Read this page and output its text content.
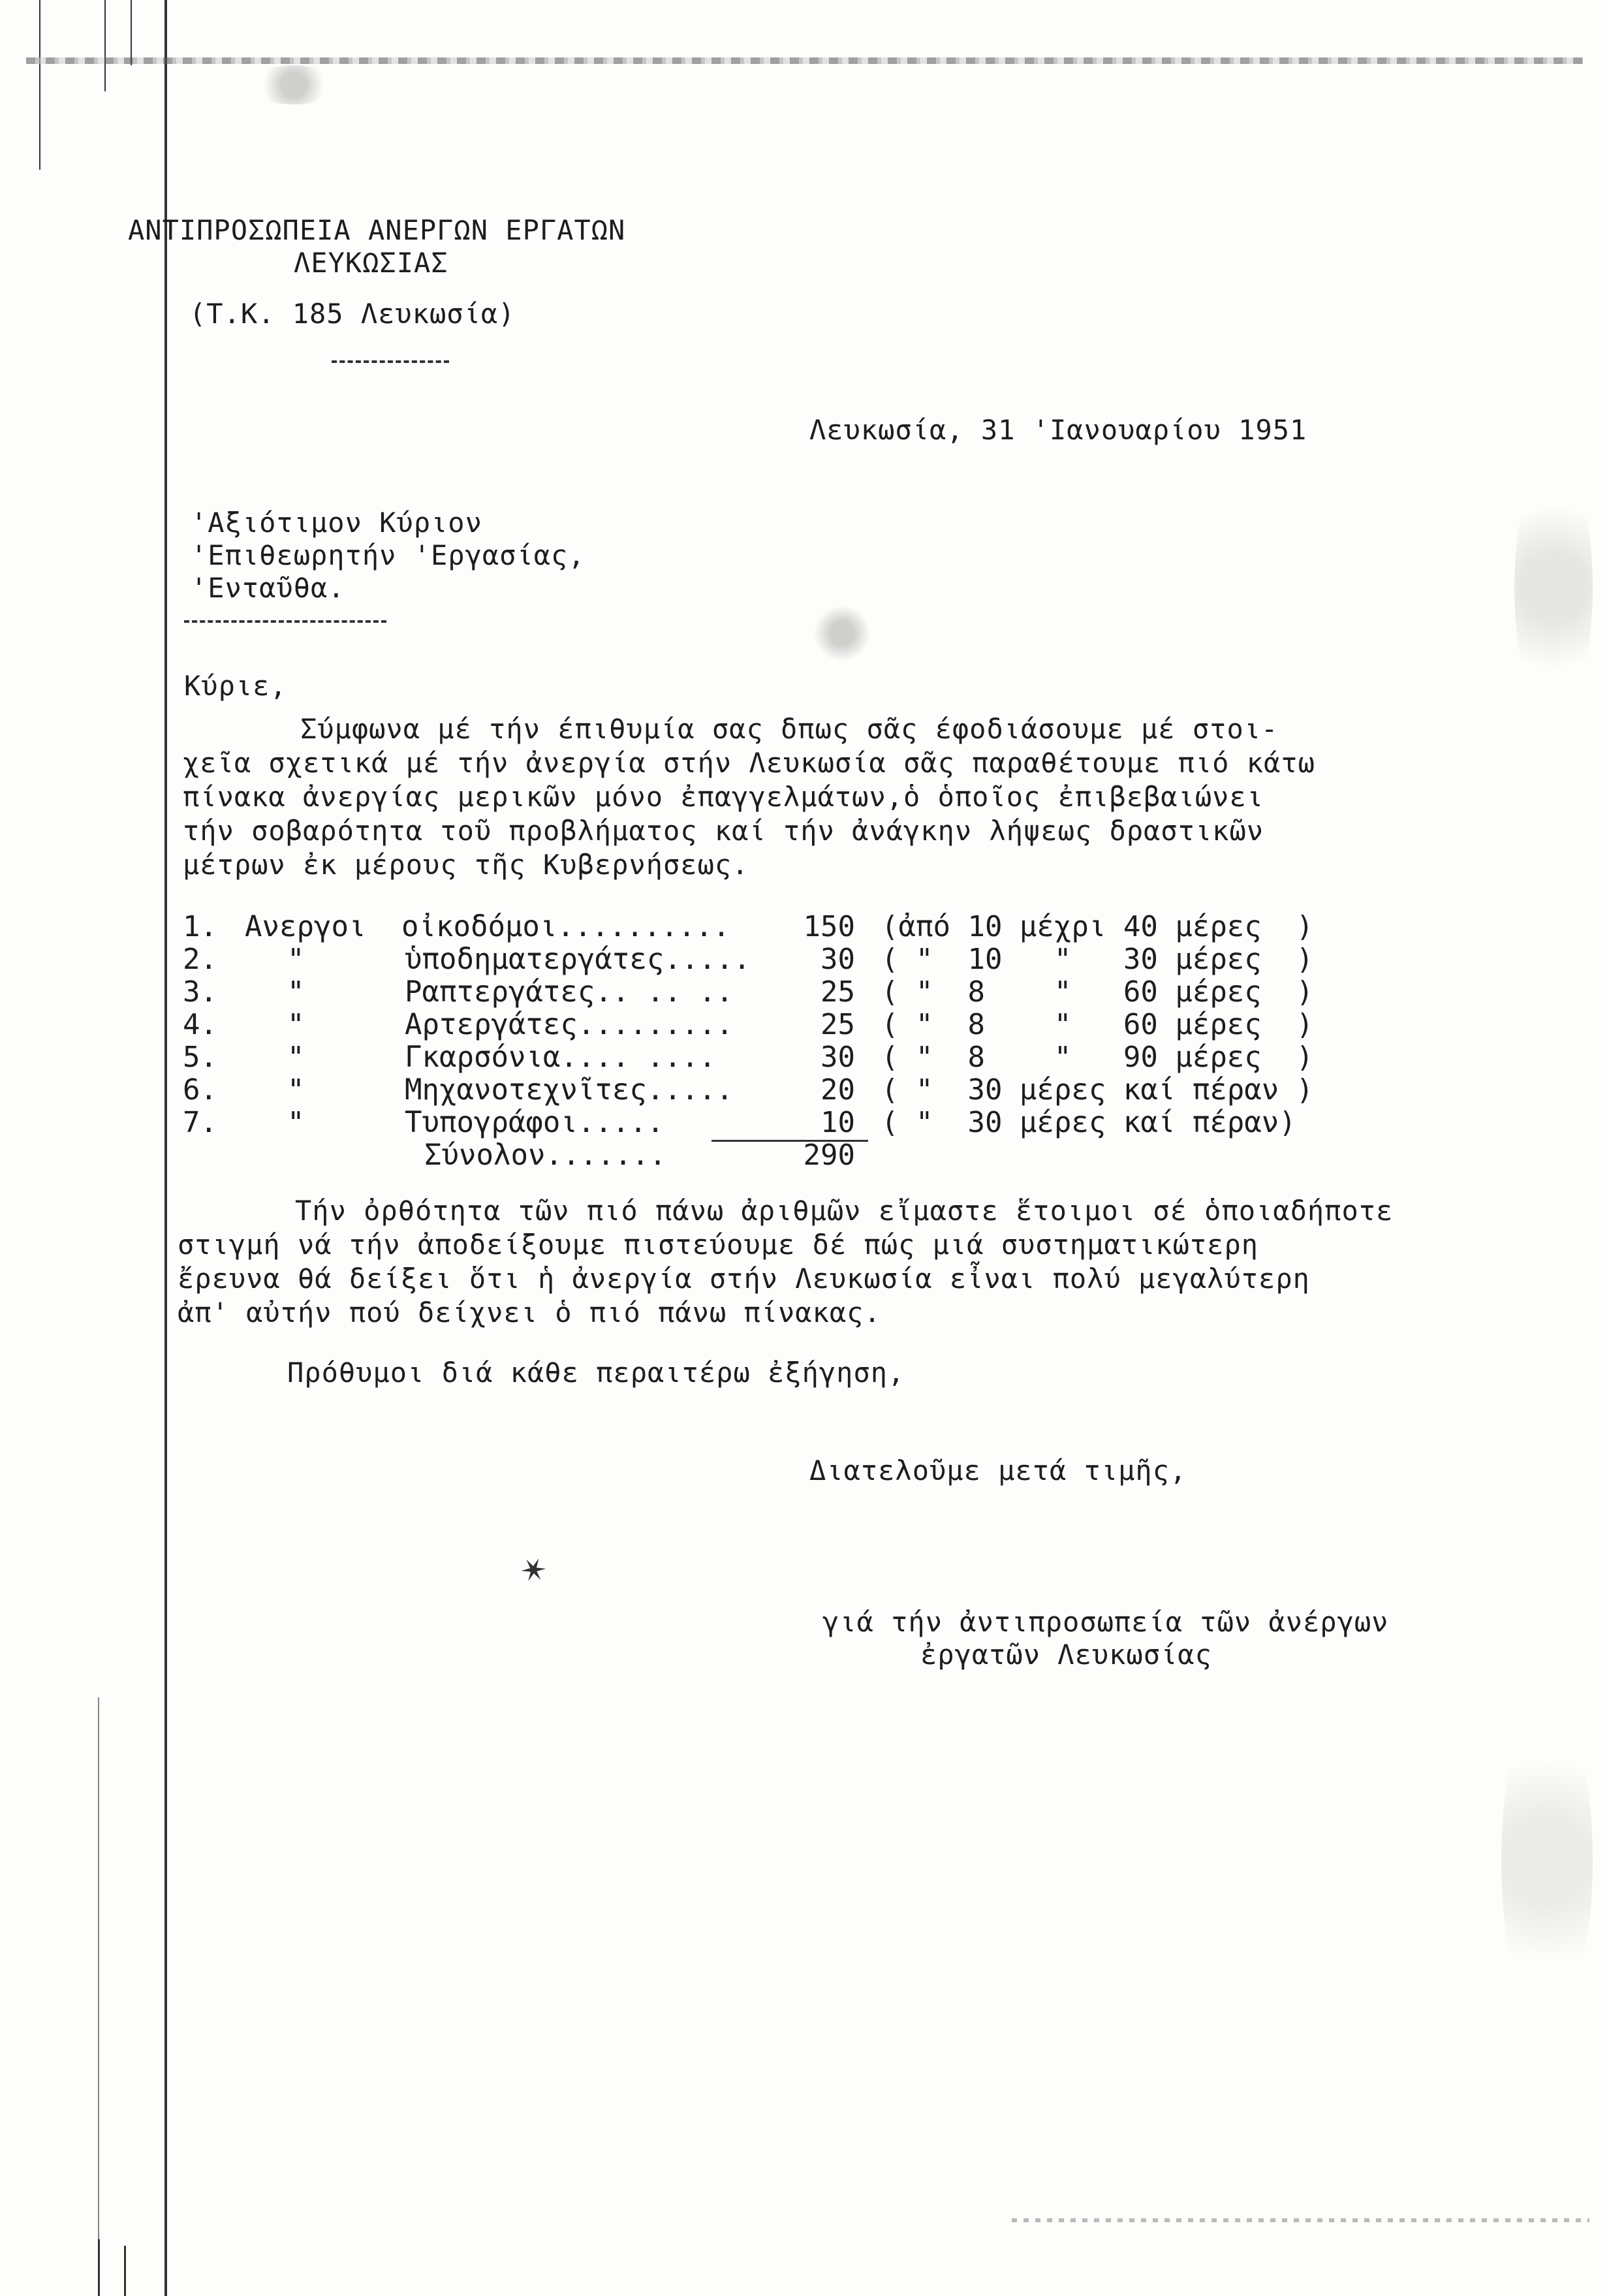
ΑΝΤΙΠΡΟΣΩΠΕΙΑ ΑΝΕΡΓΩΝ ΕΡΓΑΤΩΝ
ΛΕΥΚΩΣΙΑΣ
(Τ.Κ. 185 Λευκωσία)
Λευκωσία, 31 'Ιανουαρίου 1951
'Αξιότιμον Κύριον
'Επιθεωρητήν 'Εργασίας,
'Ενταῦθα.
Κύριε,
Σύμφωνα μέ τήν έπιθυμία σας δπως σᾶς έφοδιάσουμε μέ στοι-
χεῖα σχετικά μέ τήν ἀνεργία στήν Λευκωσία σᾶς παραθέτουμε πιό κάτω
πίνακα ἀνεργίας μερικῶν μόνο ἐπαγγελμάτων,ὁ ὁποῖος ἐπιβεβαιώνει
τήν σοβαρότητα τοῦ προβλήματος καί τήν ἀνάγκην λήψεως δραστικῶν
μέτρων ἐκ μέρους τῆς Κυβερνήσεως.
1. Ανεργοι οἰκοδόμοι..........	150 (ἀπό 10 μέχρι 40 μέρες  )
2. "	ὑποδηματεργάτες.....	30 ( "  10   "   30 μέρες  )
3. "	Ραπτεργάτες.. .. ..	25 ( "  8    "   60 μέρες  )
4. "	Αρτεργάτες.........	25 ( "  8    "   60 μέρες  )
5. "	Γκαρσόνια.... ....	30 ( "  8    "   90 μέρες  )
6. "	Μηχανοτεχνῖτες.....	20 ( "  30 μέρες καί πέραν )
7. "	Τυπογράφοι.....	10 ( "  30 μέρες καί πέραν)
Σύνολον.......	290
Τήν ὀρθότητα τῶν πιό πάνω ἀριθμῶν εἴμαστε ἕτοιμοι σέ ὁποιαδήποτε
στιγμή νά τήν ἀποδείξουμε πιστεύουμε δέ πώς μιά συστηματικώτερη
ἔρευνα θά δείξει ὅτι ἡ ἀνεργία στήν Λευκωσία εἶναι πολύ μεγαλύτερη
ἀπ' αὐτήν πού δείχνει ὁ πιό πάνω πίνακας.
Πρόθυμοι διά κάθε περαιτέρω ἐξήγηση,
Διατελοῦμε μετά τιμῆς,
✶
γιά τήν ἀντιπροσωπεία τῶν ἀνέργων
ἐργατῶν Λευκωσίας
